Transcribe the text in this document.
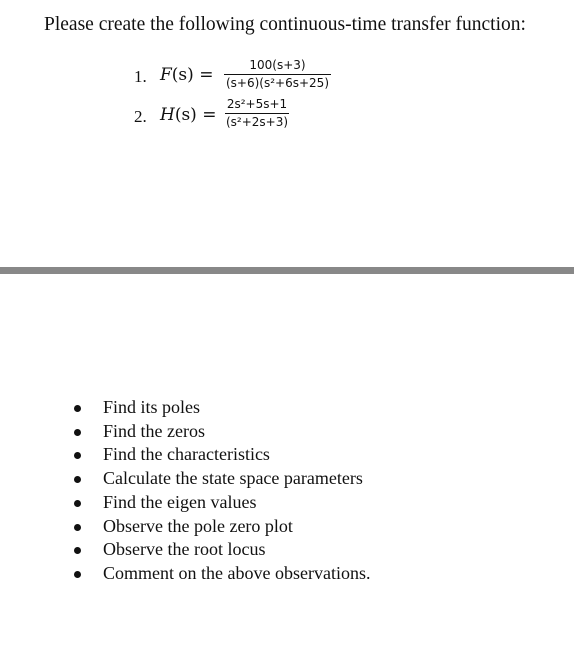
Please create the following continuous-time transfer function:
1. $F(s) = \frac{100(s+3)}{\text{(s+6)(s²+6s+25)}}$
2. $H(s) = \frac{\text{2s²+5s+1}}{\text{(s²+2s+3)}}$
Find its poles
Find the zeros
Find the characteristics
Calculate the state space parameters
Find the eigen values
Observe the pole zero plot
Observe the root locus
Comment on the above observations.
